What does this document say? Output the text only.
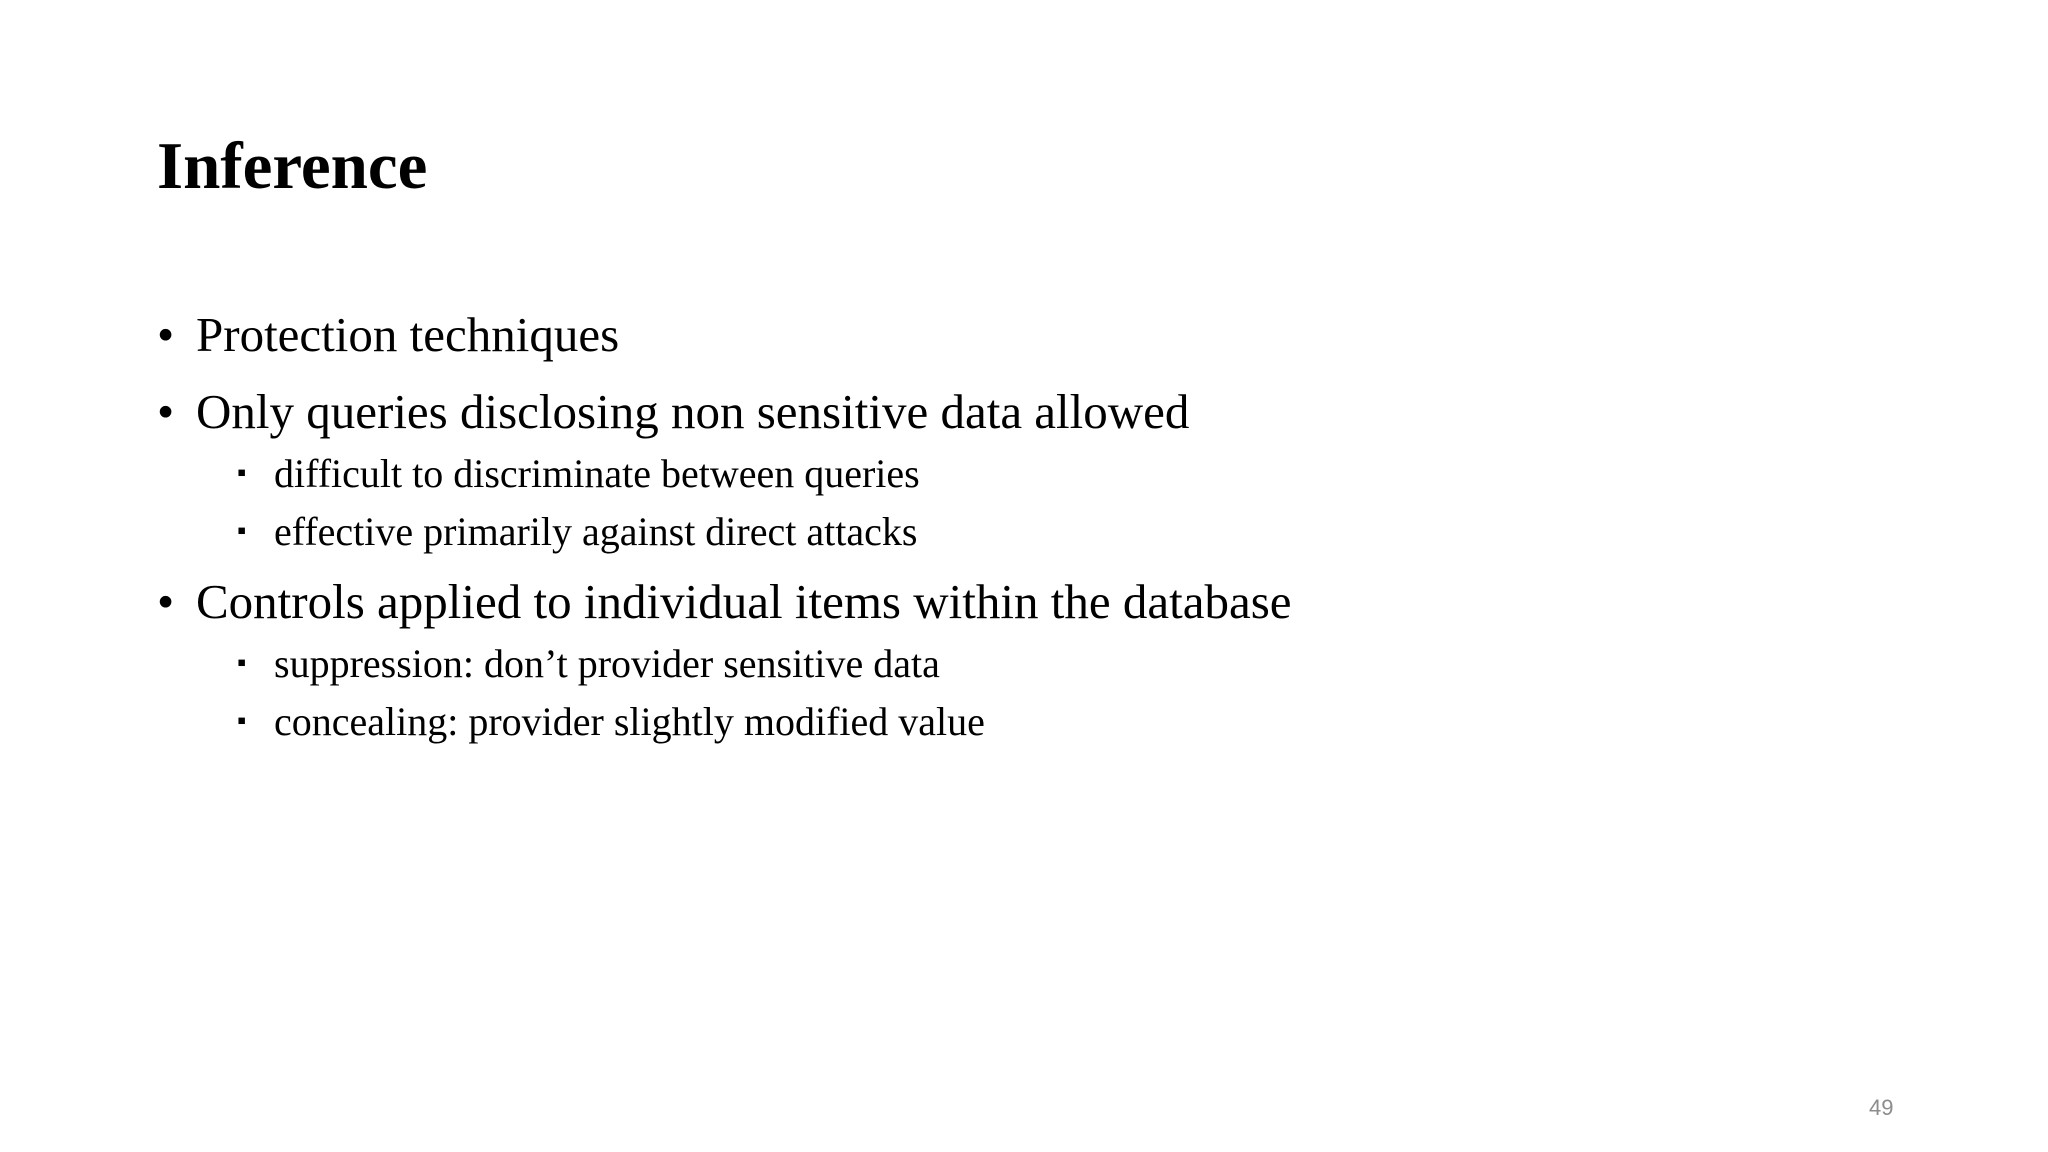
Inference
• Protection techniques
• Only queries disclosing non sensitive data allowed
▪ difficult to discriminate between queries
▪ effective primarily against direct attacks
• Controls applied to individual items within the database
▪ suppression: don’t provider sensitive data
▪ concealing: provider slightly modified value
49
